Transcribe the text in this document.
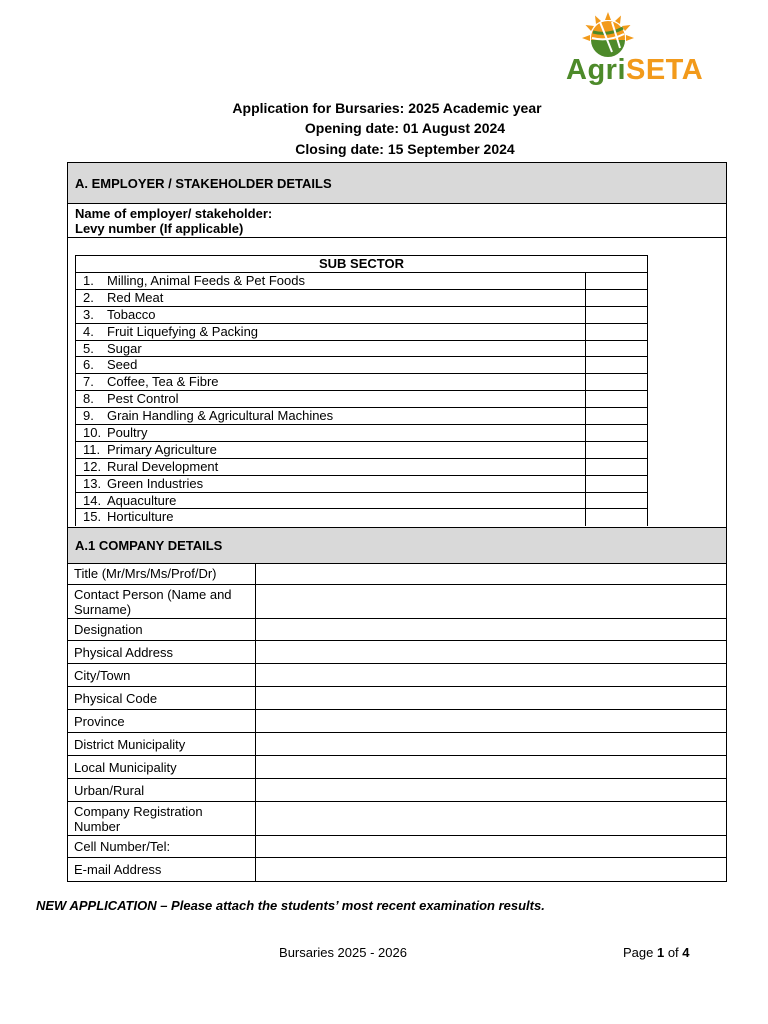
AgriSETA
Application for Bursaries: 2025 Academic year
Opening date: 01 August 2024
Closing date: 15 September 2024
A. EMPLOYER / STAKEHOLDER DETAILS
Name of employer/ stakeholder:
Levy number (If applicable)
SUB SECTOR
1. Milling, Animal Feeds & Pet Foods
2. Red Meat
3. Tobacco
4. Fruit Liquefying & Packing
5. Sugar
6. Seed
7. Coffee, Tea & Fibre
8. Pest Control
9. Grain Handling & Agricultural Machines
10. Poultry
11. Primary Agriculture
12. Rural Development
13. Green Industries
14. Aquaculture
15. Horticulture
A.1 COMPANY DETAILS
Title (Mr/Mrs/Ms/Prof/Dr)
Contact Person (Name and Surname)
Designation
Physical Address
City/Town
Physical Code
Province
District Municipality
Local Municipality
Urban/Rural
Company Registration Number
Cell Number/Tel:
E-mail Address
NEW APPLICATION – Please attach the students’ most recent examination results.
Bursaries 2025 - 2026	Page 1 of 4
